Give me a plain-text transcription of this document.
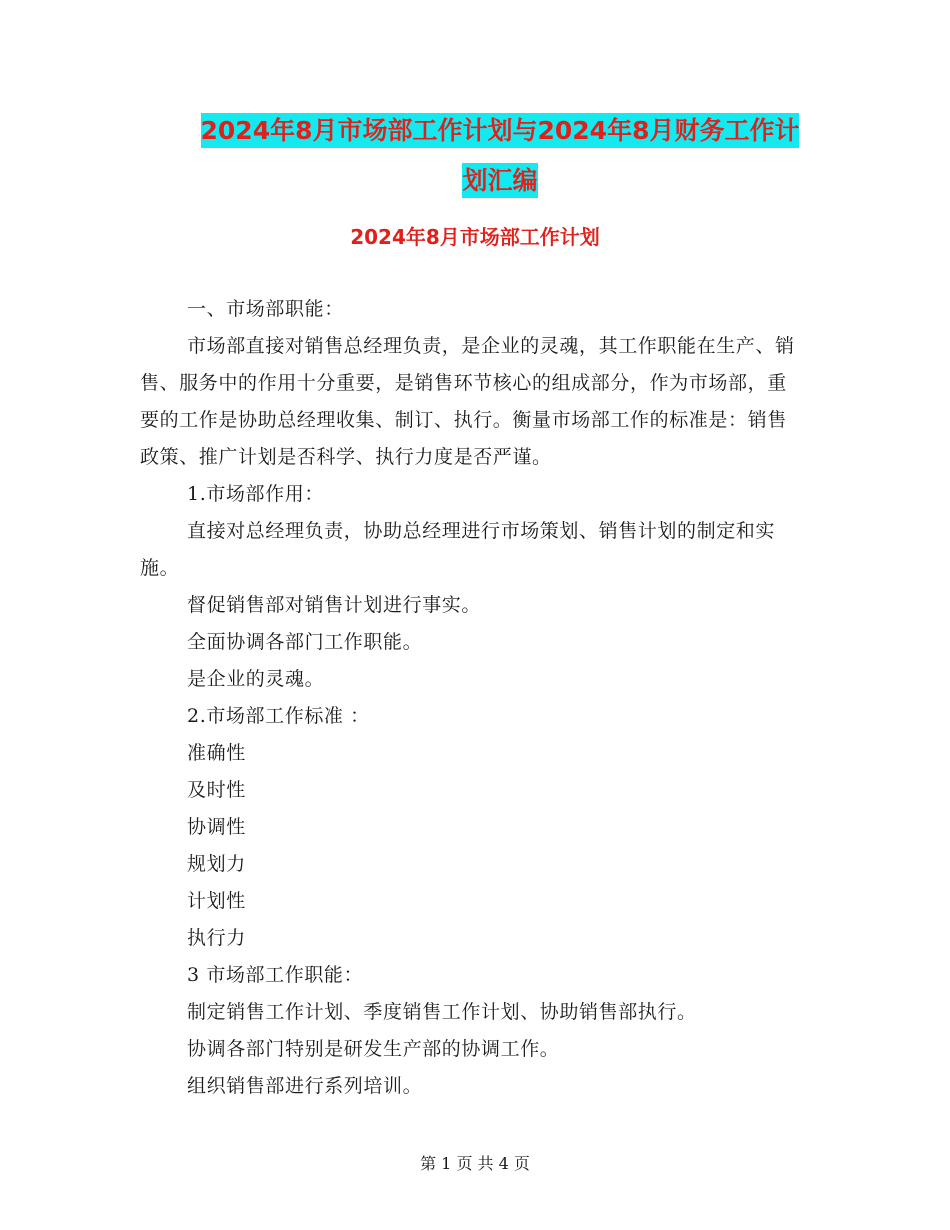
2024年8月市场部工作计划与2024年8月财务工作计
划汇编
2024年8月市场部工作计划

一、市场部职能：

市场部直接对销售总经理负责，是企业的灵魂，其工作职能在生产、销售、服务中的作用十分重要，是销售环节核心的组成部分，作为市场部，重要的工作是协助总经理收集、制订、执行。衡量市场部工作的标准是：销售政策、推广计划是否科学、执行力度是否严谨。

1.市场部作用：

直接对总经理负责，协助总经理进行市场策划、销售计划的制定和实施。

督促销售部对销售计划进行事实。

全面协调各部门工作职能。

是企业的灵魂。

2.市场部工作标准 ：

准确性

及时性

协调性

规划力

计划性

执行力

3 市场部工作职能：

制定销售工作计划、季度销售工作计划、协助销售部执行。

协调各部门特别是研发生产部的协调工作。

组织销售部进行系列培训。

第 1 页 共 4 页
